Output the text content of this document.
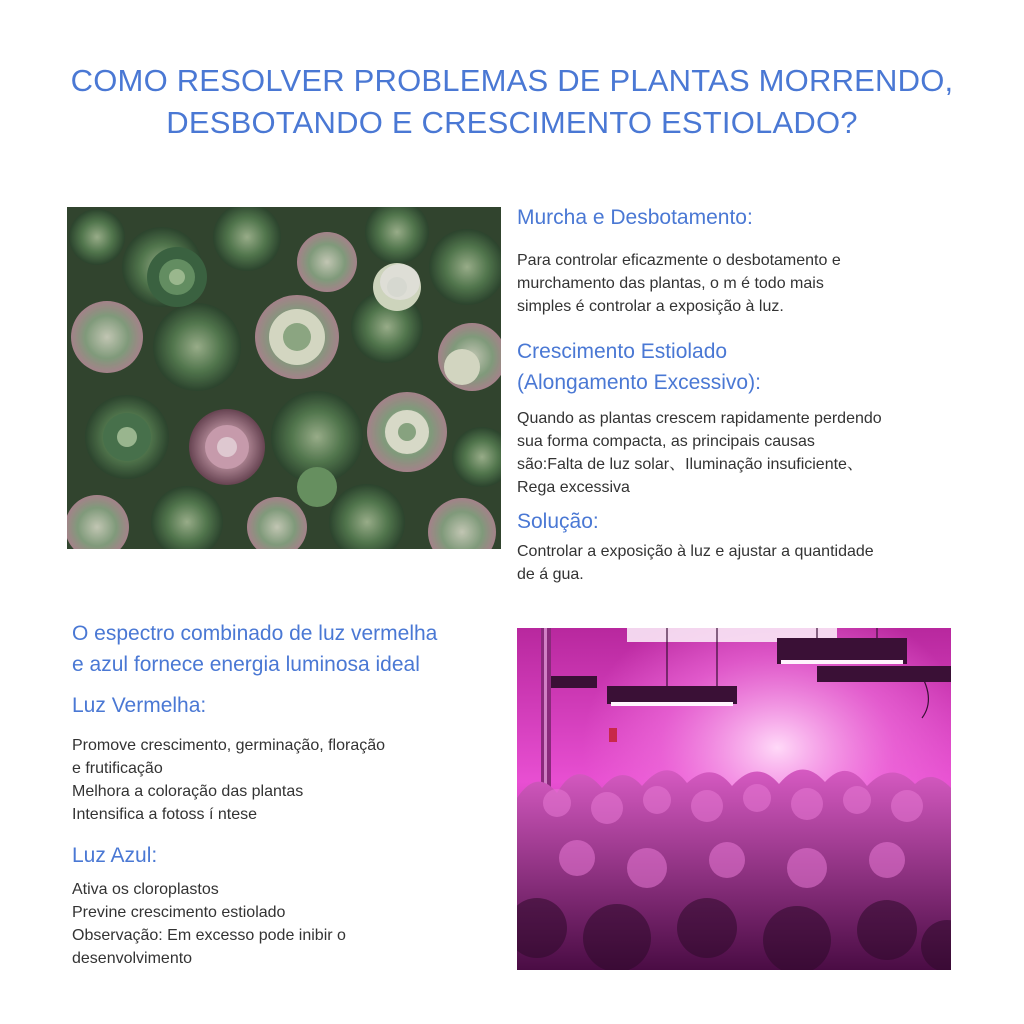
COMO RESOLVER PROBLEMAS DE PLANTAS MORRENDO,
DESBOTANDO E CRESCIMENTO ESTIOLADO?
Murcha e Desbotamento:
Para controlar eficazmente o desbotamento e
murchamento das plantas, o m é todo mais
simples é controlar a exposição à luz.
Crescimento Estiolado
(Alongamento Excessivo):
Quando as plantas crescem rapidamente perdendo
sua forma compacta, as principais causas
são:Falta de luz solar、Iluminação insuficiente、
Rega excessiva
Solução:
Controlar a exposição à luz e ajustar a quantidade
de á gua.
O espectro combinado de luz vermelha
e azul fornece energia luminosa ideal
Luz Vermelha:
Promove crescimento, germinação, floração
e frutificação
Melhora a coloração das plantas
Intensifica a fotoss í ntese
Luz Azul:
Ativa os cloroplastos
Previne crescimento estiolado
Observação: Em excesso pode inibir o
desenvolvimento
